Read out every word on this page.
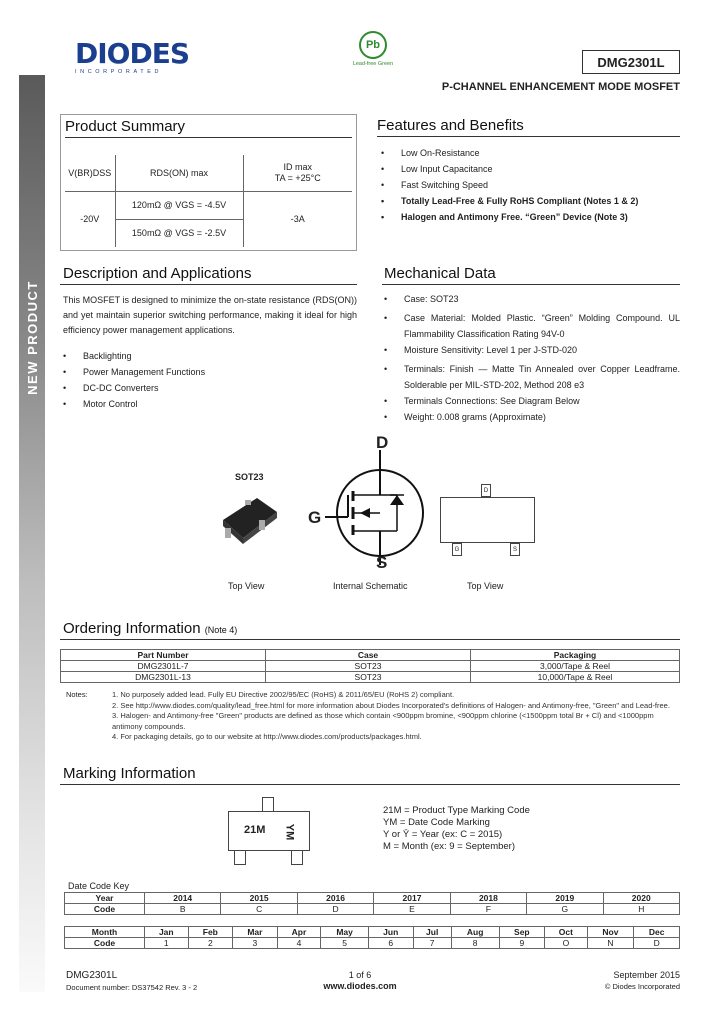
DIODES
INCORPORATED
Pb
Lead-free Green	DMG2301L
P-CHANNEL ENHANCEMENT MODE MOSFET
NEW PRODUCT
Product Summary
V(BR)DSS	RDS(ON) max	ID max
TA = +25°C

-20V	120mΩ @ VGS = -4.5V	-3A
	150mΩ @ VGS = -2.5V	
Features and Benefits
• Low On-Resistance
• Low Input Capacitance
• Fast Switching Speed
• Totally Lead-Free & Fully RoHS Compliant (Notes 1 & 2)
• Halogen and Antimony Free. “Green” Device (Note 3)
Description and Applications

This MOSFET is designed to minimize the on-state resistance (RDS(ON)) and yet maintain superior switching performance, making it ideal for high efficiency power management applications.

• Backlighting
• Power Management Functions
• DC-DC Converters
• Motor Control
Mechanical Data
• Case: SOT23
• Case Material: Molded Plastic. “Green” Molding Compound. UL Flammability Classification Rating 94V-0
• Moisture Sensitivity: Level 1 per J-STD-020
• Terminals: Finish — Matte Tin Annealed over Copper Leadframe. Solderable per MIL-STD-202, Method 208 e3
• Terminals Connections: See Diagram Below
• Weight: 0.008 grams (Approximate)
SOT23
Top View
D
G
S
Internal Schematic
D
G	S
Top View
Ordering Information (Note 4)
Part Number	Case	Packaging
DMG2301L-7	SOT23	3,000/Tape & Reel
DMG2301L-13	SOT23	10,000/Tape & Reel
Notes:	1. No purposely added lead. Fully EU Directive 2002/95/EC (RoHS) & 2011/65/EU (RoHS 2) compliant.
2. See http://www.diodes.com/quality/lead_free.html for more information about Diodes Incorporated's definitions of Halogen- and Antimony-free, "Green" and Lead-free.
3. Halogen- and Antimony-free "Green" products are defined as those which contain <900ppm bromine, <900ppm chlorine (<1500ppm total Br + Cl) and <1000ppm antimony compounds.
4. For packaging details, go to our website at http://www.diodes.com/products/packages.html.
Marking Information
21M YM
21M = Product Type Marking Code
YM = Date Code Marking
Y or Ȳ = Year (ex: C = 2015)
M = Month (ex: 9 = September)
Date Code Key
Year	2014	2015	2016	2017	2018	2019	2020
Code	B	C	D	E	F	G	H
Month	Jan	Feb	Mar	Apr	May	Jun	Jul	Aug	Sep	Oct	Nov	Dec
Code	1	2	3	4	5	6	7	8	9	O	N	D
DMG2301L
Document number: DS37542 Rev. 3 - 2
1 of 6
www.diodes.com
September 2015
© Diodes Incorporated
